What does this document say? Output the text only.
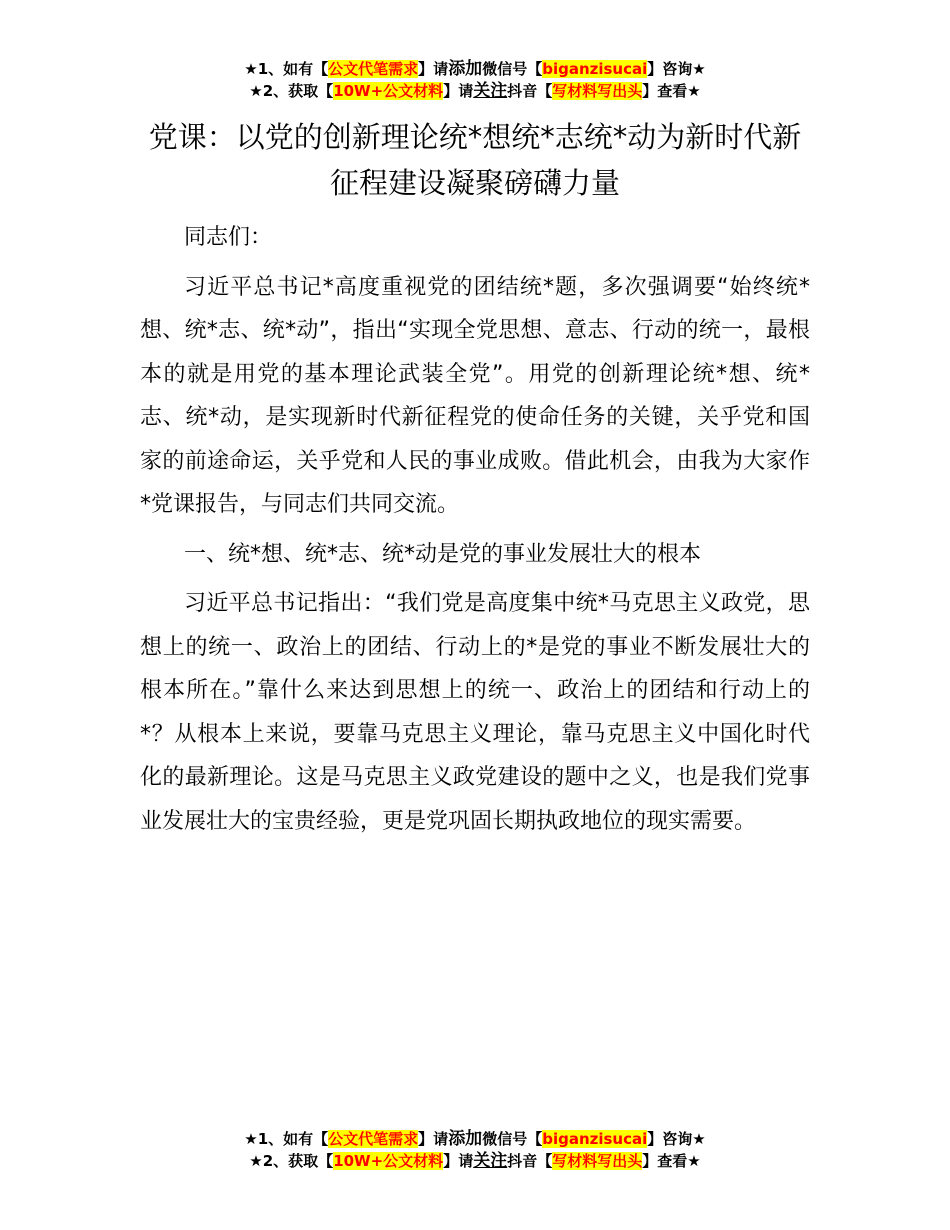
★1、如有【公文代笔需求】请添加微信号【biganzisucai】咨询★
★2、获取【10W+公文材料】请关注抖音【写材料写出头】查看★
党课：以党的创新理论统*想统*志统*动为新时代新征程建设凝聚磅礴力量

同志们：

习近平总书记*高度重视党的团结统*题，多次强调要“始终统*想、统*志、统*动”，指出“实现全党思想、意志、行动的统一，最根本的就是用党的基本理论武装全党”。用党的创新理论统*想、统*志、统*动，是实现新时代新征程党的使命任务的关键，关乎党和国家的前途命运，关乎党和人民的事业成败。借此机会，由我为大家作*党课报告，与同志们共同交流。

一、统*想、统*志、统*动是党的事业发展壮大的根本

习近平总书记指出：“我们党是高度集中统*马克思主义政党，思想上的统一、政治上的团结、行动上的*是党的事业不断发展壮大的根本所在。”靠什么来达到思想上的统一、政治上的团结和行动上的*？从根本上来说，要靠马克思主义理论，靠马克思主义中国化时代化的最新理论。这是马克思主义政党建设的题中之义，也是我们党事业发展壮大的宝贵经验，更是党巩固长期执政地位的现实需要。

★1、如有【公文代笔需求】请添加微信号【biganzisucai】咨询★
★2、获取【10W+公文材料】请关注抖音【写材料写出头】查看★
